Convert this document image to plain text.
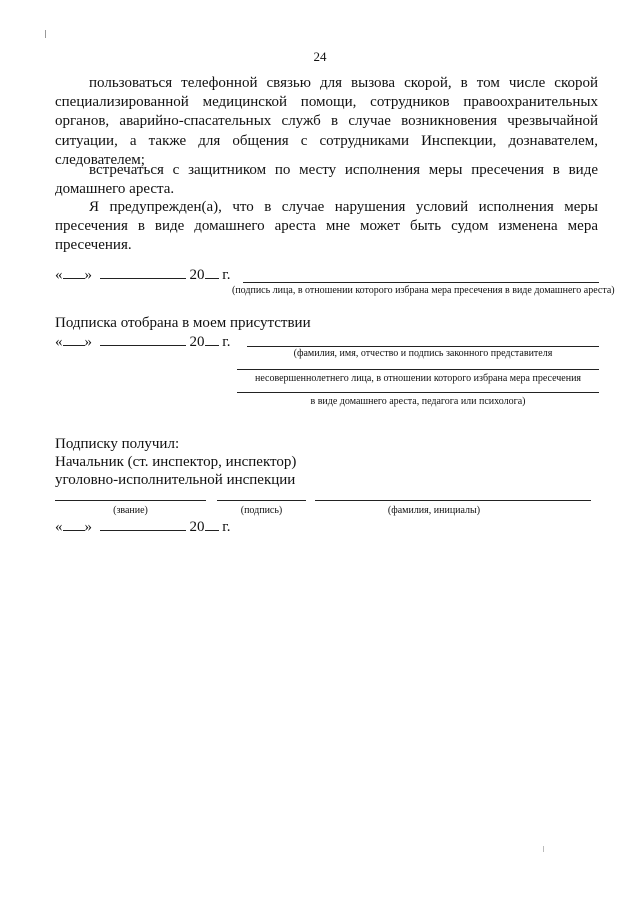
24
пользоваться телефонной связью для вызова скорой, в том числе скорой специализированной медицинской помощи, сотрудников правоохранительных органов, аварийно-спасательных служб в случае возникновения чрезвычайной ситуации, а также для общения с сотрудниками Инспекции, дознавателем, следователем;
встречаться с защитником по месту исполнения меры пресечения в виде домашнего ареста.
Я предупрежден(а), что в случае нарушения условий исполнения меры пресечения в виде домашнего ареста мне может быть судом изменена мера пресечения.
« »	20 г.
(подпись лица, в отношении которого избрана мера пресечения в виде домашнего ареста)
Подписка отобрана в моем присутствии
« »	20 г.
(фамилия, имя, отчество и подпись законного представителя
несовершеннолетнего лица, в отношении которого избрана мера пресечения
в виде домашнего ареста, педагога или психолога)
Подписку получил:
Начальник (ст. инспектор, инспектор)
уголовно-исполнительной инспекции
(звание)	(подпись)	(фамилия, инициалы)
« »	20 г.
